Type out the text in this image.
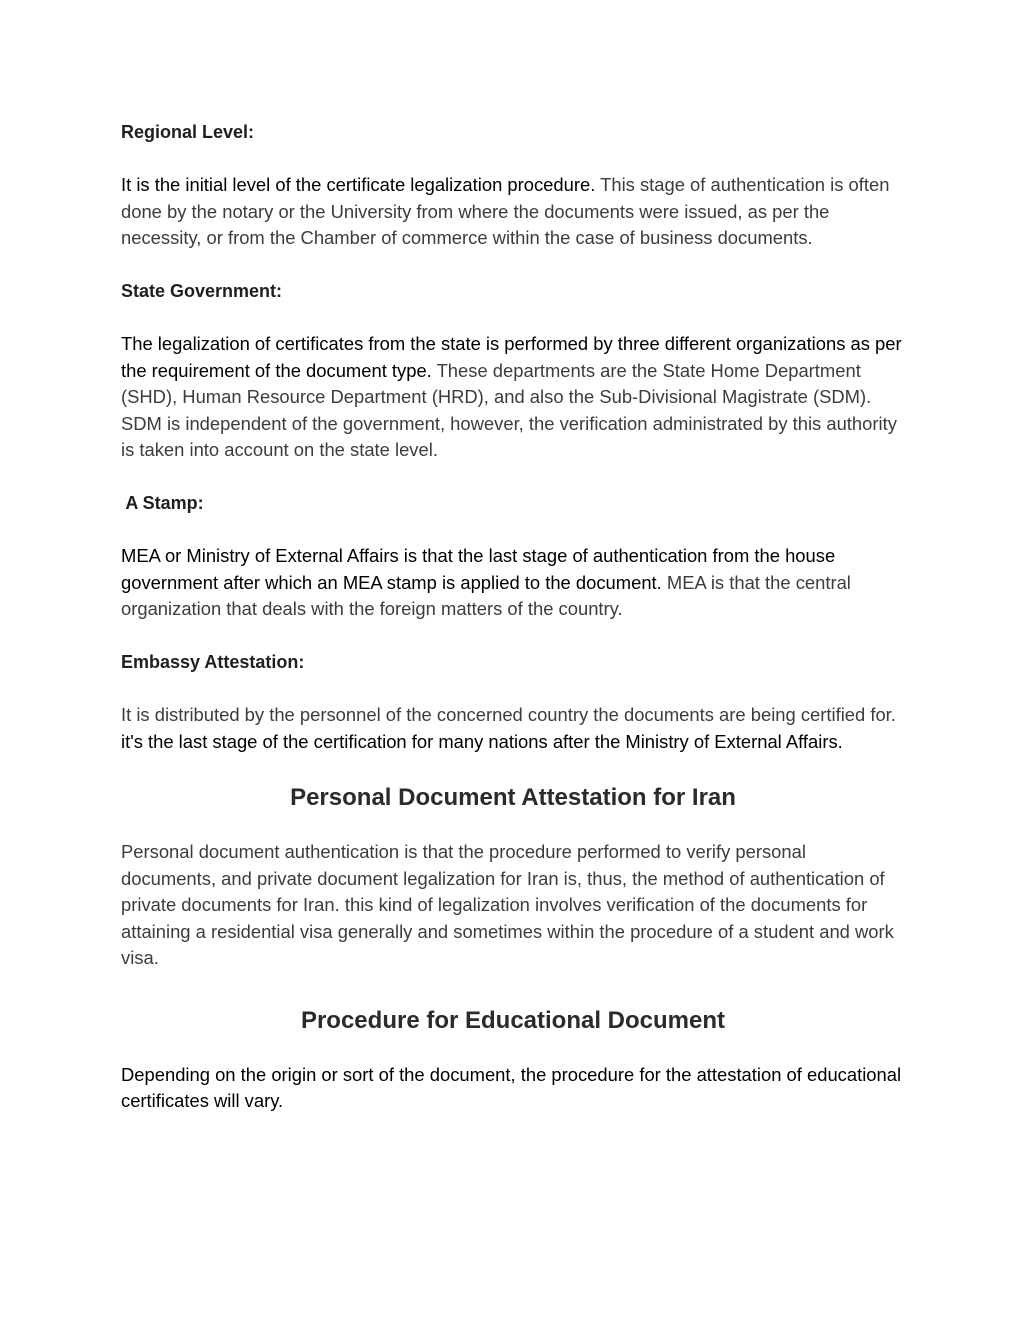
Regional Level:

It is the initial level of the certificate legalization procedure. This stage of authentication is often done by the notary or the University from where the documents were issued, as per the necessity, or from the Chamber of commerce within the case of business documents.

State Government:

The legalization of certificates from the state is performed by three different organizations as per the requirement of the document type. These departments are the State Home Department (SHD), Human Resource Department (HRD), and also the Sub-Divisional Magistrate (SDM). SDM is independent of the government, however, the verification administrated by this authority is taken into account on the state level.

A Stamp:

MEA or Ministry of External Affairs is that the last stage of authentication from the house government after which an MEA stamp is applied to the document. MEA is that the central organization that deals with the foreign matters of the country.

Embassy Attestation:

It is distributed by the personnel of the concerned country the documents are being certified for. it's the last stage of the certification for many nations after the Ministry of External Affairs.

Personal Document Attestation for Iran

Personal document authentication is that the procedure performed to verify personal documents, and private document legalization for Iran is, thus, the method of authentication of private documents for Iran. this kind of legalization involves verification of the documents for attaining a residential visa generally and sometimes within the procedure of a student and work visa.

Procedure for Educational Document

Depending on the origin or sort of the document, the procedure for the attestation of educational certificates will vary.
